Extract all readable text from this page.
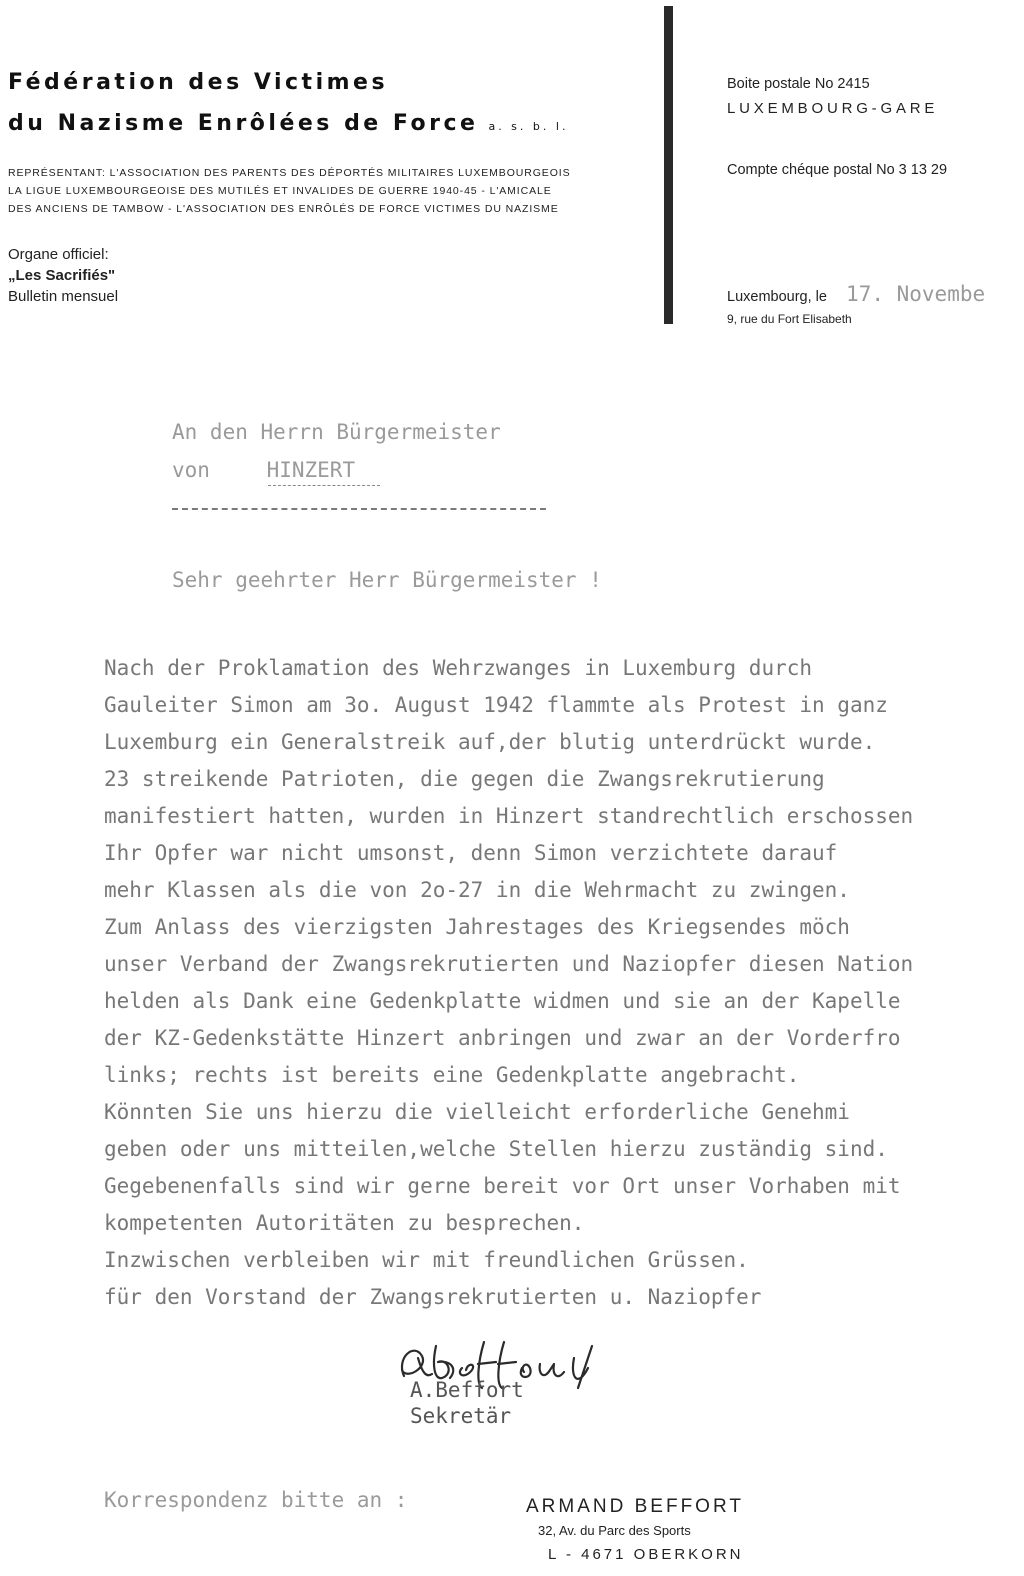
Fédération des Victimes
du Nazisme Enrôlées de Force a. s. b. l.
REPRÉSENTANT: L'ASSOCIATION DES PARENTS DES DÉPORTÉS MILITAIRES LUXEMBOURGEOIS
LA LIGUE LUXEMBOURGEOISE DES MUTILÉS ET INVALIDES DE GUERRE 1940-45 - L'AMICALE
DES ANCIENS DE TAMBOW - L'ASSOCIATION DES ENRÔLÉS DE FORCE VICTIMES DU NAZISME
Organe officiel:
„Les Sacrifiés"
Bulletin mensuel
Boite postale No 2415
LUXEMBOURG-GARE
Compte chéque postal No 3 13 29
Luxembourg, le 17. Novembe
9, rue du Fort Elisabeth
An den Herrn Bürgermeister
von	HINZERT
Sehr geehrter Herr Bürgermeister !
Nach der Proklamation des Wehrzwanges in Luxemburg durch
Gauleiter Simon am 3o. August 1942 flammte als Protest in ganz
Luxemburg ein Generalstreik auf,der blutig unterdrückt wurde.
23 streikende Patrioten, die gegen die Zwangsrekrutierung
manifestiert hatten, wurden in Hinzert standrechtlich erschossen
Ihr Opfer war nicht umsonst, denn Simon verzichtete darauf
mehr Klassen als die von 2o-27 in die Wehrmacht zu zwingen.
Zum Anlass des vierzigsten Jahrestages des Kriegsendes möch
unser Verband der Zwangsrekrutierten und Naziopfer diesen Nation
helden als Dank eine Gedenkplatte widmen und sie an der Kapelle
der KZ-Gedenkstätte Hinzert anbringen und zwar an der Vorderfro
links; rechts ist bereits eine Gedenkplatte angebracht.
Könnten Sie uns hierzu die vielleicht erforderliche Genehmi
geben oder uns mitteilen,welche Stellen hierzu zuständig sind.
Gegebenenfalls sind wir gerne bereit vor Ort unser Vorhaben mit
kompetenten Autoritäten zu besprechen.
Inzwischen verbleiben wir mit freundlichen Grüssen.
für den Vorstand der Zwangsrekrutierten u. Naziopfer
A.Beffort
Sekretär
Korrespondenz bitte an :	ARMAND BEFFORT
32, Av. du Parc des Sports
L - 4671 OBERKORN
